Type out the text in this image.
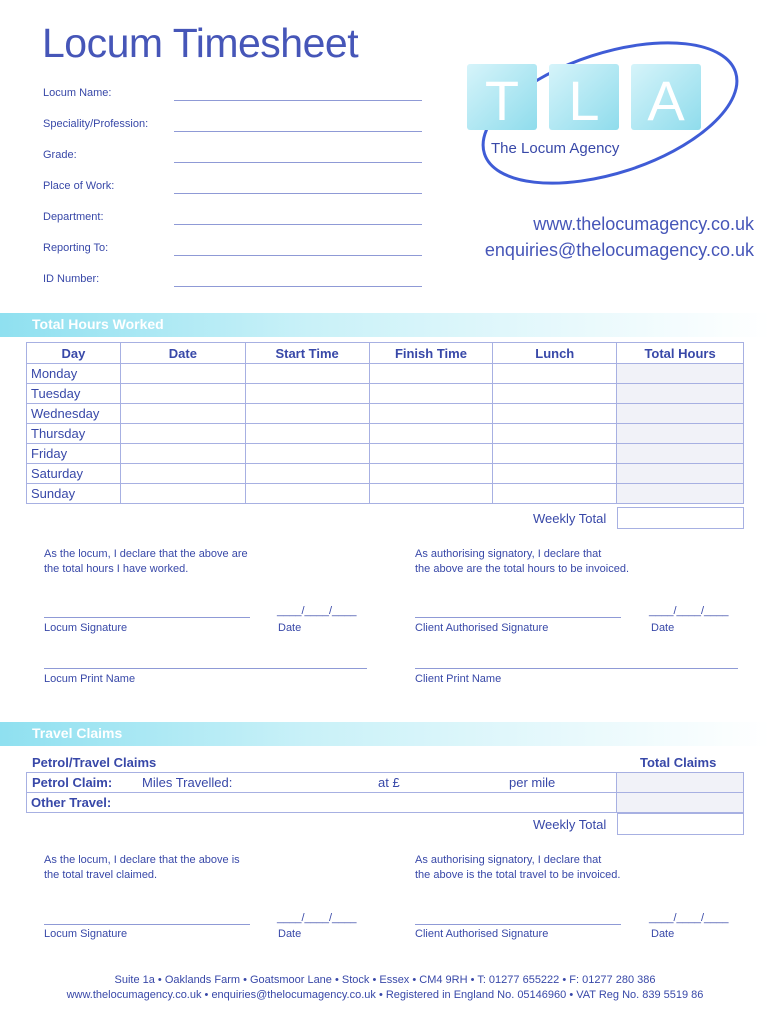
Locum Timesheet
Locum Name:
Speciality/Profession:
Grade:
Place of Work:
Department:
Reporting To:
ID Number:
T L A
The Locum Agency
www.thelocumagency.co.uk
enquiries@thelocumagency.co.uk
Total Hours Worked
Day	Date	Start Time	Finish Time	Lunch	Total Hours
Monday					
Tuesday					
Wednesday					
Thursday					
Friday					
Saturday					
Sunday					
Weekly Total
As the locum, I declare that the above are
the total hours I have worked.
As authorising signatory, I declare that
the above are the total hours to be invoiced.
____/____/____	____/____/____
Locum Signature	Date	Client Authorised Signature	Date
Locum Print Name	Client Print Name
Travel Claims
Petrol/Travel Claims	Total Claims
Petrol Claim: Miles Travelled: at £ per mile	

Other Travel:	
Weekly Total
As the locum, I declare that the above is
the total travel claimed.
As authorising signatory, I declare that
the above is the total travel to be invoiced.
____/____/____	____/____/____
Locum Signature	Date	Client Authorised Signature	Date
Suite 1a • Oaklands Farm • Goatsmoor Lane • Stock • Essex • CM4 9RH • T: 01277 655222 • F: 01277 280 386
www.thelocumagency.co.uk • enquiries@thelocumagency.co.uk • Registered in England No. 05146960 • VAT Reg No. 839 5519 86
